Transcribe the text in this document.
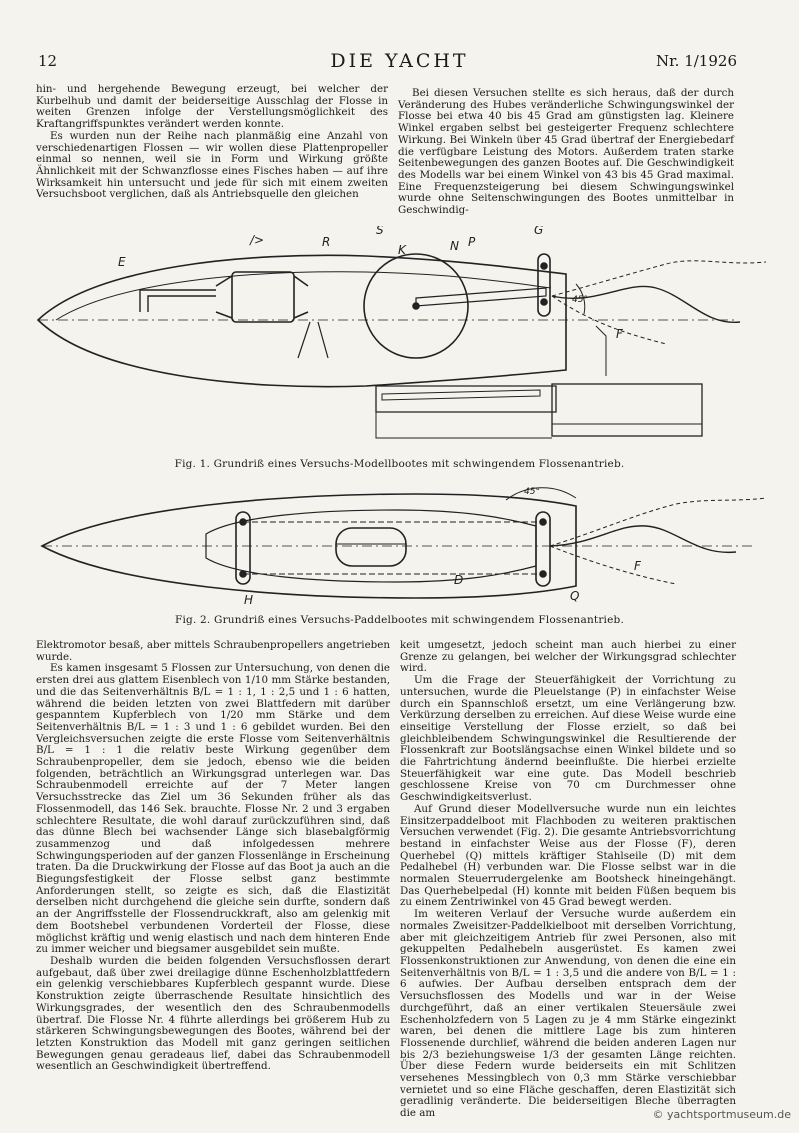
12	DIE YACHT	Nr. 1/1926

hin- und hergehende Bewegung erzeugt, bei welcher der Kurbelhub und damit der beiderseitige Ausschlag der Flosse in weiten Grenzen infolge der Verstellungsmöglichkeit des Kraftangriffspunktes verändert werden konnte.

Es wurden nun der Reihe nach planmäßig eine Anzahl von verschiedenartigen Flossen — wir wollen diese Plattenpropeller einmal so nennen, weil sie in Form und Wirkung größte Ähnlichkeit mit der Schwanzflosse eines Fisches haben — auf ihre Wirksamkeit hin untersucht und jede für sich mit einem zweiten Versuchsboot verglichen, daß als Antriebsquelle den gleichen

Bei diesen Versuchen stellte es sich heraus, daß der durch Veränderung des Hubes veränderliche Schwingungswinkel der Flosse bei etwa 40 bis 45 Grad am günstigsten lag. Kleinere Winkel ergaben selbst bei gesteigerter Frequenz schlechtere Wirkung. Bei Winkeln über 45 Grad übertraf der Energiebedarf die verfügbare Leistung des Motors. Außerdem traten starke Seitenbewegungen des ganzen Bootes auf. Die Geschwindigkeit des Modells war bei einem Winkel von 43 bis 45 Grad maximal. Eine Frequenzsteigerung bei diesem Schwingungswinkel wurde ohne Seitenschwingungen des Bootes unmittelbar in Geschwindig-

E
/>	R
S
K	N P
G
F
45°
Fig. 1. Grundriß eines Versuchs-Modellbootes mit schwingendem Flossenantrieb.
H
D
Q
F
45°
Fig. 2. Grundriß eines Versuchs-Paddelbootes mit schwingendem Flossenantrieb.

Elektromotor besaß, aber mittels Schraubenpropellers angetrieben wurde.

Es kamen insgesamt 5 Flossen zur Untersuchung, von denen die ersten drei aus glattem Eisenblech von 1/10 mm Stärke bestanden, und die das Seitenverhältnis B/L = 1 : 1, 1 : 2,5 und 1 : 6 hatten, während die beiden letzten von zwei Blattfedern mit darüber gespanntem Kupferblech von 1/20 mm Stärke und dem Seitenverhältnis B/L = 1 : 3 und 1 : 6 gebildet wurden. Bei den Vergleichsversuchen zeigte die erste Flosse vom Seitenverhältnis B/L = 1 : 1 die relativ beste Wirkung gegenüber dem Schraubenpropeller, dem sie jedoch, ebenso wie die beiden folgenden, beträchtlich an Wirkungsgrad unterlegen war. Das Schraubenmodell erreichte auf der 7 Meter langen Versuchsstrecke das Ziel um 36 Sekunden früher als das Flossenmodell, das 146 Sek. brauchte. Flosse Nr. 2 und 3 ergaben schlechtere Resultate, die wohl darauf zurückzuführen sind, daß das dünne Blech bei wachsender Länge sich blasebalgförmig zusammenzog und daß infolgedessen mehrere Schwingungsperioden auf der ganzen Flossenlänge in Erscheinung traten. Da die Druckwirkung der Flosse auf das Boot ja auch an die Biegungsfestigkeit der Flosse selbst ganz bestimmte Anforderungen stellt, so zeigte es sich, daß die Elastizität derselben nicht durchgehend die gleiche sein durfte, sondern daß an der Angriffsstelle der Flossendruckkraft, also am gelenkig mit dem Bootshebel verbundenen Vorderteil der Flosse, diese möglichst kräftig und wenig elastisch und nach dem hinteren Ende zu immer weicher und biegsamer ausgebildet sein mußte.

Deshalb wurden die beiden folgenden Versuchsflossen derart aufgebaut, daß über zwei dreilagige dünne Eschenholzblattfedern ein gelenkig verschiebbares Kupferblech gespannt wurde. Diese Konstruktion zeigte überraschende Resultate hinsichtlich des Wirkungsgrades, der wesentlich den des Schraubenmodells übertraf. Die Flosse Nr. 4 führte allerdings bei größerem Hub zu stärkeren Schwingungsbewegungen des Bootes, während bei der letzten Konstruktion das Modell mit ganz geringen seitlichen Bewegungen genau geradeaus lief, dabei das Schraubenmodell wesentlich an Geschwindigkeit übertreffend.

keit umgesetzt, jedoch scheint man auch hierbei zu einer Grenze zu gelangen, bei welcher der Wirkungsgrad schlechter wird.

Um die Frage der Steuerfähigkeit der Vorrichtung zu untersuchen, wurde die Pleuelstange (P) in einfachster Weise durch ein Spannschloß ersetzt, um eine Verlängerung bzw. Verkürzung derselben zu erreichen. Auf diese Weise wurde eine einseitige Verstellung der Flosse erzielt, so daß bei gleichbleibendem Schwingungswinkel die Resultierende der Flossenkraft zur Bootslängsachse einen Winkel bildete und so die Fahrtrichtung ändernd beeinflußte. Die hierbei erzielte Steuerfähigkeit war eine gute. Das Modell beschrieb geschlossene Kreise von 70 cm Durchmesser ohne Geschwindigkeitsverlust.

Auf Grund dieser Modellversuche wurde nun ein leichtes Einsitzerpaddelboot mit Flachboden zu weiteren praktischen Versuchen verwendet (Fig. 2). Die gesamte Antriebsvorrichtung bestand in einfachster Weise aus der Flosse (F), deren Querhebel (Q) mittels kräftiger Stahlseile (D) mit dem Pedalhebel (H) verbunden war. Die Flosse selbst war in die normalen Steuerrudergelenke am Bootsheck hineingehängt. Das Querhebelpedal (H) konnte mit beiden Füßen bequem bis zu einem Zentriwinkel von 45 Grad bewegt werden.

Im weiteren Verlauf der Versuche wurde außerdem ein normales Zweisitzer-Paddelkielboot mit derselben Vorrichtung, aber mit gleichzeitigem Antrieb für zwei Personen, also mit gekuppelten Pedalhebeln ausgerüstet. Es kamen zwei Flossenkonstruktionen zur Anwendung, von denen die eine ein Seitenverhältnis von B/L = 1 : 3,5 und die andere von B/L = 1 : 6 aufwies. Der Aufbau derselben entsprach dem der Versuchsflossen des Modells und war in der Weise durchgeführt, daß an einer vertikalen Steuersäule zwei Eschenholzfedern von 5 Lagen zu je 4 mm Stärke eingezinkt waren, bei denen die mittlere Lage bis zum hinteren Flossenende durchlief, während die beiden anderen Lagen nur bis 2/3 beziehungsweise 1/3 der gesamten Länge reichten. Über diese Federn wurde beiderseits ein mit Schlitzen versehenes Messingblech von 0,3 mm Stärke verschiebbar vernietet und so eine Fläche geschaffen, deren Elastizität sich geradlinig veränderte. Die beiderseitigen Bleche überragten die am	© yachtsportmuseum.de
